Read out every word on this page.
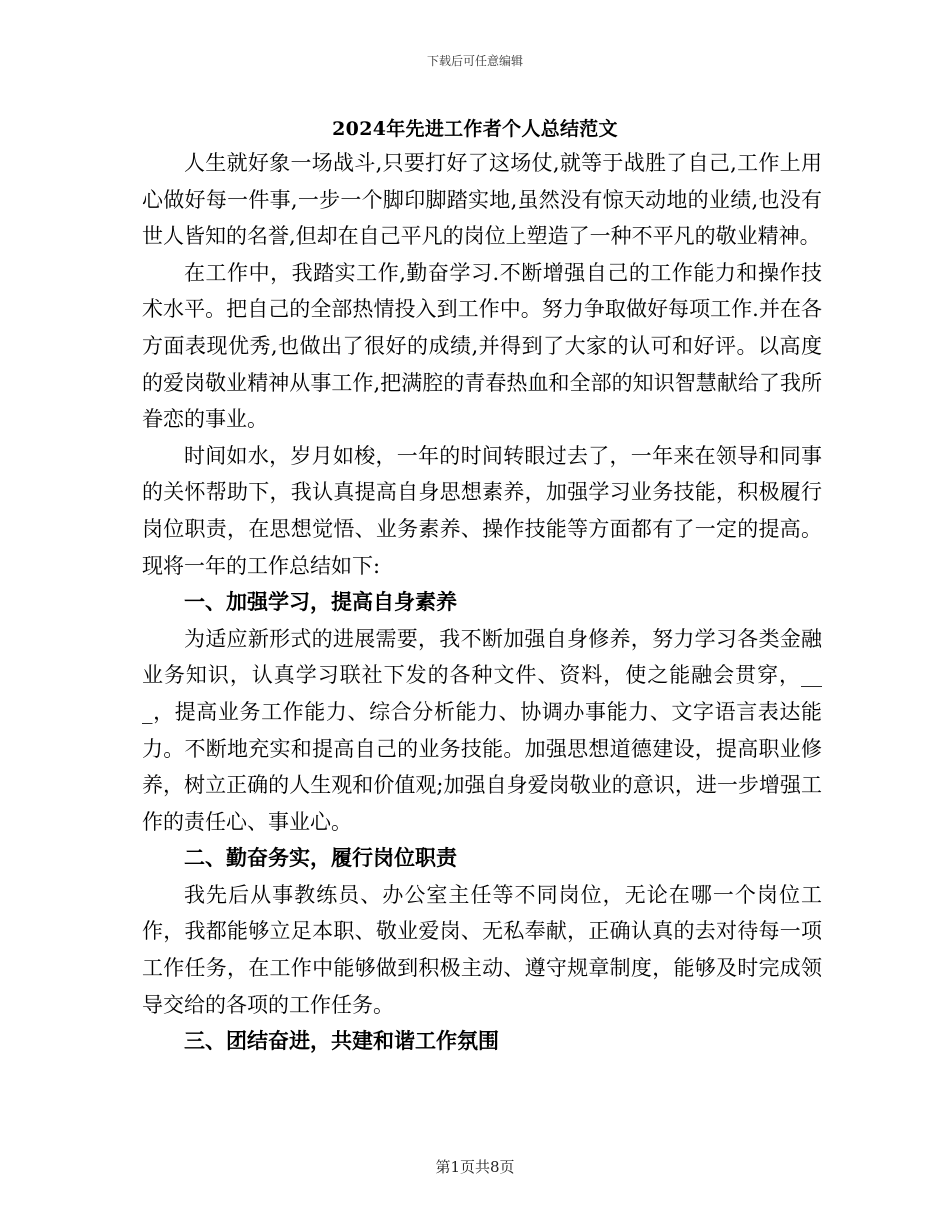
下载后可任意编辑
2024年先进工作者个人总结范文

人生就好象一场战斗,只要打好了这场仗,就等于战胜了自己,工作上用心做好每一件事,一步一个脚印脚踏实地,虽然没有惊天动地的业绩,也没有世人皆知的名誉,但却在自己平凡的岗位上塑造了一种不平凡的敬业精神。

在工作中，我踏实工作,勤奋学习.不断增强自己的工作能力和操作技术水平。把自己的全部热情投入到工作中。努力争取做好每项工作.并在各方面表现优秀,也做出了很好的成绩,并得到了大家的认可和好评。以高度的爱岗敬业精神从事工作,把满腔的青春热血和全部的知识智慧献给了我所眷恋的事业。

时间如水，岁月如梭，一年的时间转眼过去了，一年来在领导和同事的关怀帮助下，我认真提高自身思想素养，加强学习业务技能，积极履行岗位职责，在思想觉悟、业务素养、操作技能等方面都有了一定的提高。现将一年的工作总结如下:

一、加强学习，提高自身素养

为适应新形式的进展需要，我不断加强自身修养，努力学习各类金融业务知识，认真学习联社下发的各种文件、资料，使之能融会贯穿，___，提高业务工作能力、综合分析能力、协调办事能力、文字语言表达能力。不断地充实和提高自己的业务技能。加强思想道德建设，提高职业修养，树立正确的人生观和价值观;加强自身爱岗敬业的意识，进一步增强工作的责任心、事业心。

二、勤奋务实，履行岗位职责

我先后从事教练员、办公室主任等不同岗位，无论在哪一个岗位工作，我都能够立足本职、敬业爱岗、无私奉献，正确认真的去对待每一项工作任务，在工作中能够做到积极主动、遵守规章制度，能够及时完成领导交给的各项的工作任务。

三、团结奋进，共建和谐工作氛围

第1页共8页
